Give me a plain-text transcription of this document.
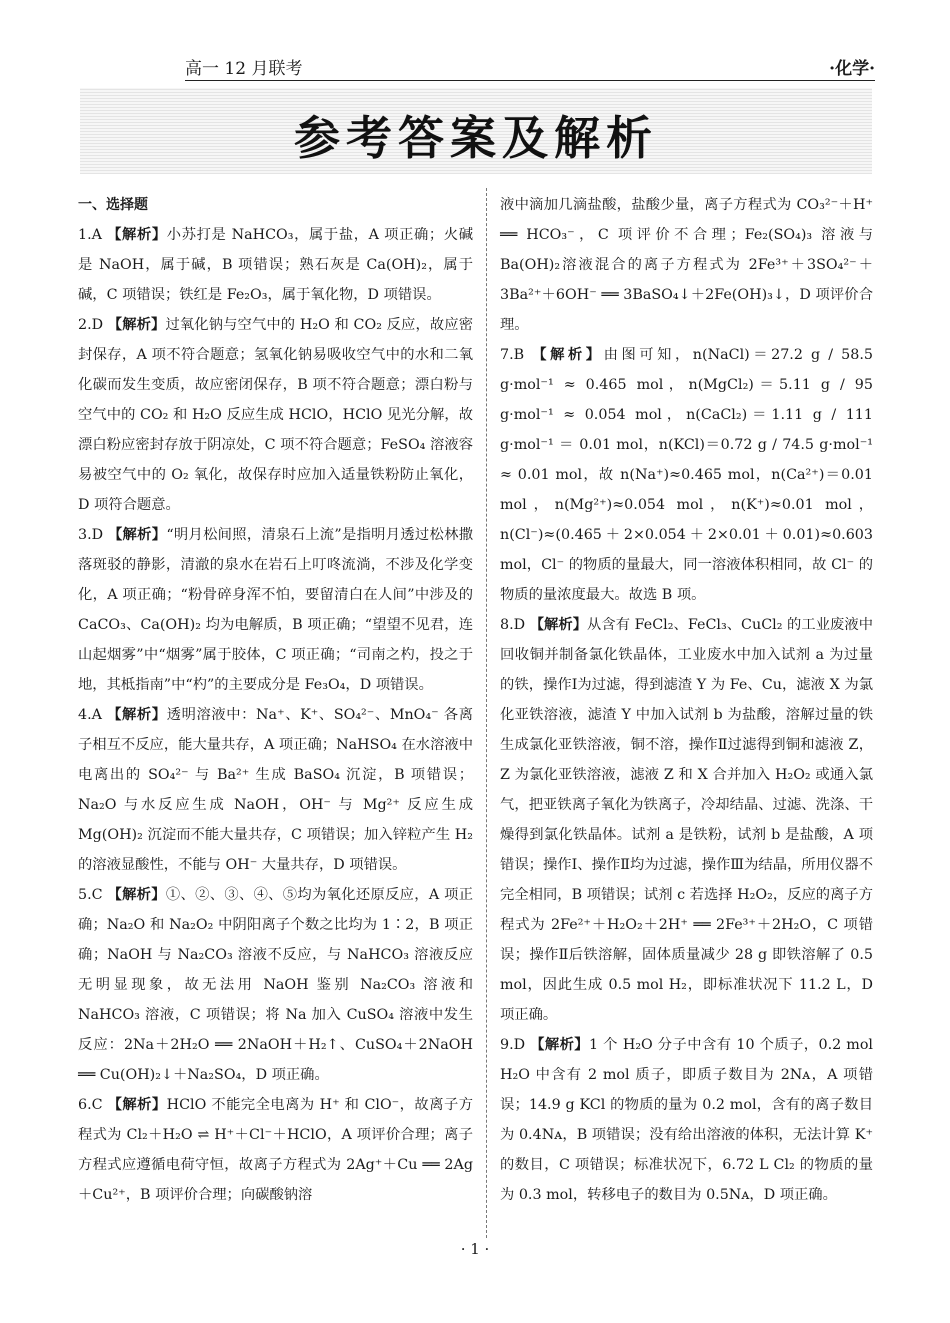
高一 12 月联考	·化学·
参考答案及解析
一、选择题

1.A 【解析】小苏打是 NaHCO₃，属于盐，A 项正确；火碱是 NaOH，属于碱，B 项错误；熟石灰是 Ca(OH)₂，属于碱，C 项错误；铁红是 Fe₂O₃，属于氧化物，D 项错误。

2.D 【解析】过氧化钠与空气中的 H₂O 和 CO₂ 反应，故应密封保存，A 项不符合题意；氢氧化钠易吸收空气中的水和二氧化碳而发生变质，故应密闭保存，B 项不符合题意；漂白粉与空气中的 CO₂ 和 H₂O 反应生成 HClO，HClO 见光分解，故漂白粉应密封存放于阴凉处，C 项不符合题意；FeSO₄ 溶液容易被空气中的 O₂ 氧化，故保存时应加入适量铁粉防止氧化，D 项符合题意。

3.D 【解析】“明月松间照，清泉石上流”是指明月透过松林撒落斑驳的静影，清澈的泉水在岩石上叮咚流淌，不涉及化学变化，A 项正确；“粉骨碎身浑不怕，要留清白在人间”中涉及的 CaCO₃、Ca(OH)₂ 均为电解质，B 项正确；“望望不见君，连山起烟雾”中“烟雾”属于胶体，C 项正确；“司南之杓，投之于地，其柢指南”中“杓”的主要成分是 Fe₃O₄，D 项错误。

4.A 【解析】透明溶液中：Na⁺、K⁺、SO₄²⁻、MnO₄⁻ 各离子相互不反应，能大量共存，A 项正确；NaHSO₄ 在水溶液中电离出的 SO₄²⁻ 与 Ba²⁺ 生成 BaSO₄ 沉淀，B 项错误；Na₂O 与水反应生成 NaOH，OH⁻ 与 Mg²⁺ 反应生成 Mg(OH)₂ 沉淀而不能大量共存，C 项错误；加入锌粒产生 H₂ 的溶液显酸性，不能与 OH⁻ 大量共存，D 项错误。

5.C 【解析】①、②、③、④、⑤均为氧化还原反应，A 项正确；Na₂O 和 Na₂O₂ 中阴阳离子个数之比均为 1∶2，B 项正确；NaOH 与 Na₂CO₃ 溶液不反应，与 NaHCO₃ 溶液反应无明显现象，故无法用 NaOH 鉴别 Na₂CO₃ 溶液和 NaHCO₃ 溶液，C 项错误；将 Na 加入 CuSO₄ 溶液中发生反应：2Na＋2H₂O ══ 2NaOH＋H₂↑、CuSO₄＋2NaOH ══ Cu(OH)₂↓＋Na₂SO₄，D 项正确。

6.C 【解析】HClO 不能完全电离为 H⁺ 和 ClO⁻，故离子方程式为 Cl₂＋H₂O ⇌ H⁺＋Cl⁻＋HClO，A 项评价合理；离子方程式应遵循电荷守恒，故离子方程式为 2Ag⁺＋Cu ══ 2Ag＋Cu²⁺，B 项评价合理；向碳酸钠溶

液中滴加几滴盐酸，盐酸少量，离子方程式为 CO₃²⁻＋H⁺ ══ HCO₃⁻，C 项评价不合理；Fe₂(SO₄)₃ 溶液与 Ba(OH)₂溶液混合的离子方程式为 2Fe³⁺＋3SO₄²⁻＋3Ba²⁺＋6OH⁻ ══ 3BaSO₄↓＋2Fe(OH)₃↓，D 项评价合理。

7.B 【解析】由图可知，n(NaCl)＝27.2 g / 58.5 g·mol⁻¹ ≈ 0.465 mol，n(MgCl₂)＝5.11 g / 95 g·mol⁻¹ ≈ 0.054 mol，n(CaCl₂)＝1.11 g / 111 g·mol⁻¹ ＝ 0.01 mol，n(KCl)＝0.72 g / 74.5 g·mol⁻¹ ≈ 0.01 mol，故 n(Na⁺)≈0.465 mol，n(Ca²⁺)＝0.01 mol，n(Mg²⁺)≈0.054 mol，n(K⁺)≈0.01 mol，n(Cl⁻)≈(0.465＋2×0.054＋2×0.01＋0.01)≈0.603 mol，Cl⁻ 的物质的量最大，同一溶液体积相同，故 Cl⁻ 的物质的量浓度最大。故选 B 项。

8.D 【解析】从含有 FeCl₂、FeCl₃、CuCl₂ 的工业废液中回收铜并制备氯化铁晶体，工业废水中加入试剂 a 为过量的铁，操作Ⅰ为过滤，得到滤渣 Y 为 Fe、Cu，滤液 X 为氯化亚铁溶液，滤渣 Y 中加入试剂 b 为盐酸，溶解过量的铁生成氯化亚铁溶液，铜不溶，操作Ⅱ过滤得到铜和滤液 Z，Z 为氯化亚铁溶液，滤液 Z 和 X 合并加入 H₂O₂ 或通入氯气，把亚铁离子氧化为铁离子，冷却结晶、过滤、洗涤、干燥得到氯化铁晶体。试剂 a 是铁粉，试剂 b 是盐酸，A 项错误；操作Ⅰ、操作Ⅱ均为过滤，操作Ⅲ为结晶，所用仪器不完全相同，B 项错误；试剂 c 若选择 H₂O₂，反应的离子方程式为 2Fe²⁺＋H₂O₂＋2H⁺ ══ 2Fe³⁺＋2H₂O，C 项错误；操作Ⅱ后铁溶解，固体质量减少 28 g 即铁溶解了 0.5 mol，因此生成 0.5 mol H₂，即标准状况下 11.2 L，D 项正确。

9.D 【解析】1 个 H₂O 分子中含有 10 个质子，0.2 mol H₂O 中含有 2 mol 质子，即质子数目为 2Nᴀ，A 项错误；14.9 g KCl 的物质的量为 0.2 mol，含有的离子数目为 0.4Nᴀ，B 项错误；没有给出溶液的体积，无法计算 K⁺ 的数目，C 项错误；标准状况下，6.72 L Cl₂ 的物质的量为 0.3 mol，转移电子的数目为 0.5Nᴀ，D 项正确。

· 1 ·
